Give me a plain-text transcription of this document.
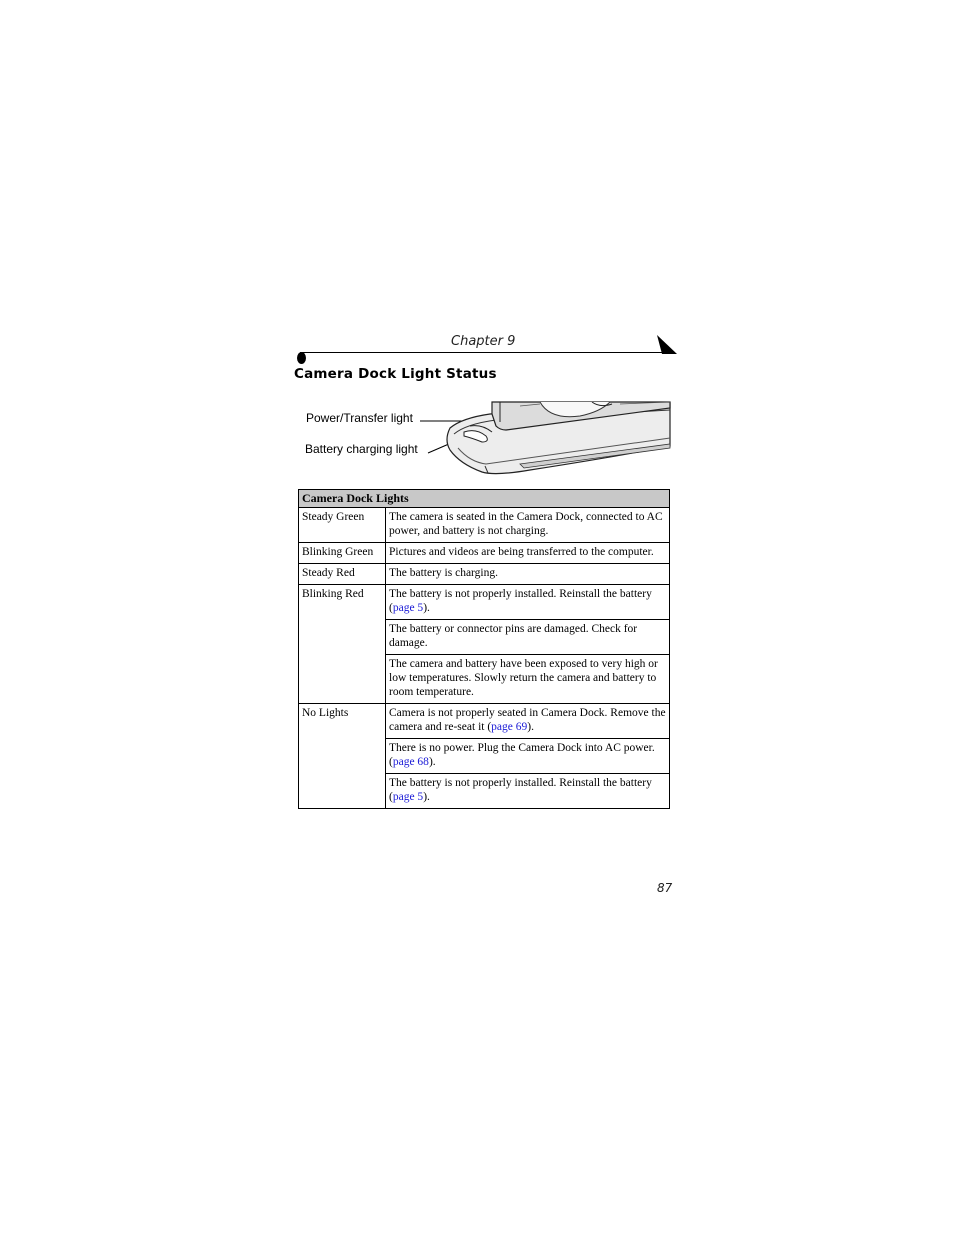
Chapter 9
Camera Dock Light Status
Power/Transfer light
Battery charging light
Camera Dock Lights	
Steady Green	The camera is seated in the Camera Dock, connected to AC power, and battery is not charging.
Blinking Green	Pictures and videos are being transferred to the computer.
Steady Red	The battery is charging.
Blinking Red	The battery is not properly installed. Reinstall the battery (page 5).
	The battery or connector pins are damaged. Check for damage.
	The camera and battery have been exposed to very high or low temperatures. Slowly return the camera and battery to room temperature.
No Lights	Camera is not properly seated in Camera Dock. Remove the camera and re-seat it (page 69).
	There is no power. Plug the Camera Dock into AC power. (page 68).
	The battery is not properly installed. Reinstall the battery (page 5).
87
